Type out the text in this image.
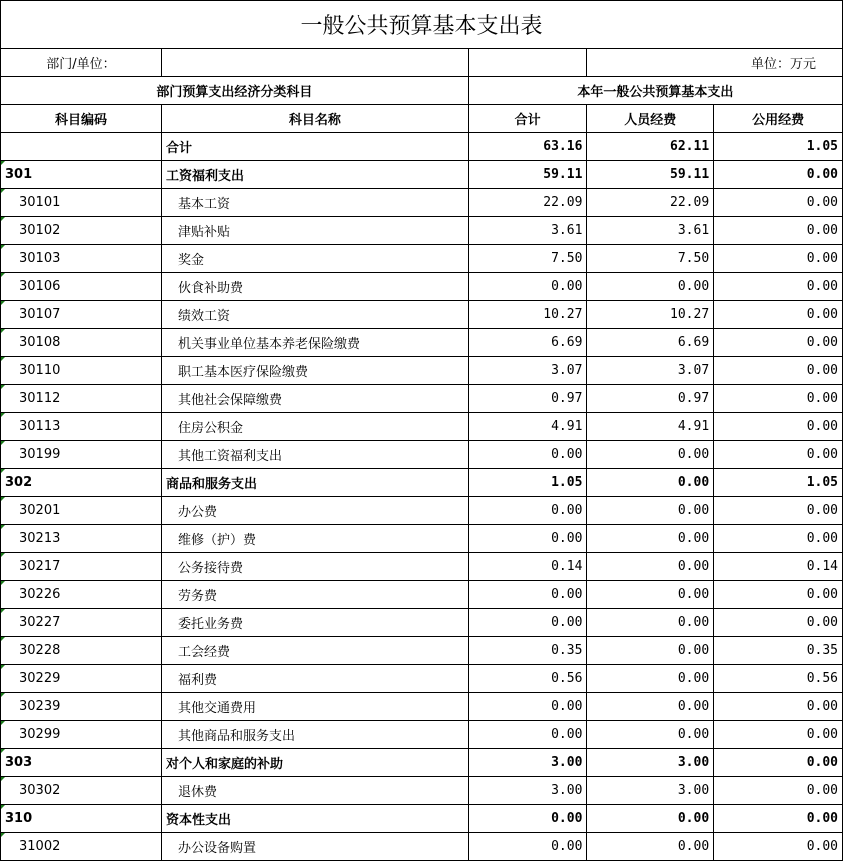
一般公共预算基本支出表				
部门/单位：			单位：万元	
部门预算支出经济分类科目		本年一般公共预算基本支出		
科目编码	科目名称	合计	人员经费	公用经费
	合计	63.16	62.11	1.05
301	工资福利支出	59.11	59.11	0.00
30101	基本工资	22.09	22.09	0.00
30102	津贴补贴	3.61	3.61	0.00
30103	奖金	7.50	7.50	0.00
30106	伙食补助费	0.00	0.00	0.00
30107	绩效工资	10.27	10.27	0.00
30108	机关事业单位基本养老保险缴费	6.69	6.69	0.00
30110	职工基本医疗保险缴费	3.07	3.07	0.00
30112	其他社会保障缴费	0.97	0.97	0.00
30113	住房公积金	4.91	4.91	0.00
30199	其他工资福利支出	0.00	0.00	0.00
302	商品和服务支出	1.05	0.00	1.05
30201	办公费	0.00	0.00	0.00
30213	维修（护）费	0.00	0.00	0.00
30217	公务接待费	0.14	0.00	0.14
30226	劳务费	0.00	0.00	0.00
30227	委托业务费	0.00	0.00	0.00
30228	工会经费	0.35	0.00	0.35
30229	福利费	0.56	0.00	0.56
30239	其他交通费用	0.00	0.00	0.00
30299	其他商品和服务支出	0.00	0.00	0.00
303	对个人和家庭的补助	3.00	3.00	0.00
30302	退休费	3.00	3.00	0.00
310	资本性支出	0.00	0.00	0.00
31002	办公设备购置	0.00	0.00	0.00
